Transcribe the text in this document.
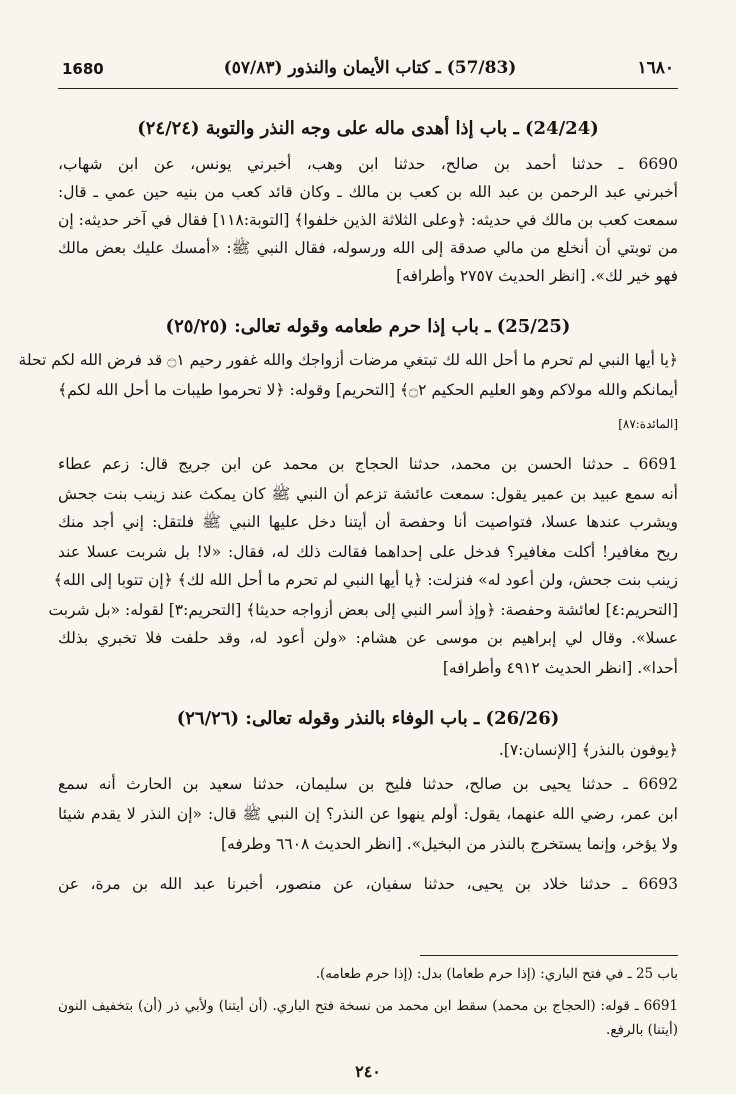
1680	(57/83) ـ كتاب الأيمان والنذور (٥٧/٨٣)	١٦٨٠
(24/24) ـ باب إذا أهدى ماله على وجه النذر والتوبة (٢٤/٢٤)
6690 ـ حدثنا أحمد بن صالح، حدثنا ابن وهب، أخبرني يونس، عن ابن شهاب،
أخبرني عبد الرحمن بن عبد الله بن كعب بن مالك ـ وكان قائد كعب من بنيه حين عمي ـ قال:
سمعت كعب بن مالك في حديثه: ﴿وعلى الثلاثة الذين خلفوا﴾ [التوبة:١١٨] فقال في آخر حديثه: إن
من توبتي أن أنخلع من مالي صدقة إلى الله ورسوله، فقال النبي ﷺ: «أمسك عليك بعض مالك
فهو خير لك». [انظر الحديث ٢٧٥٧ وأطرافه]
(25/25) ـ باب إذا حرم طعامه وقوله تعالى: (٢٥/٢٥)
﴿يا أيها النبي لم تحرم ما أحل الله لك تبتغي مرضات أزواجك والله غفور رحيم ۝١ قد فرض الله لكم تحلة
أيمانكم والله مولاكم وهو العليم الحكيم ۝٢﴾ [التحريم] وقوله: ﴿لا تحرموا طيبات ما أحل الله لكم﴾
[المائدة:٨٧]
6691 ـ حدثنا الحسن بن محمد، حدثنا الحجاج بن محمد عن ابن جريج قال: زعم عطاء
أنه سمع عبيد بن عمير يقول: سمعت عائشة تزعم أن النبي ﷺ كان يمكث عند زينب بنت جحش
ويشرب عندها عسلا، فتواصيت أنا وحفصة أن أيتنا دخل عليها النبي ﷺ فلتقل: إني أجد منك
ريح مغافير! أكلت مغافير؟ فدخل على إحداهما فقالت ذلك له، فقال: «لا! بل شربت عسلا عند
زينب بنت جحش، ولن أعود له» فنزلت: ﴿يا أيها النبي لم تحرم ما أحل الله لك﴾ ﴿إن تتوبا إلى الله﴾
[التحريم:٤] لعائشة وحفصة: ﴿وإذ أسر النبي إلى بعض أزواجه حديثا﴾ [التحريم:٣] لقوله: «بل شربت
عسلا». وقال لي إبراهيم بن موسى عن هشام: «ولن أعود له، وقد حلفت فلا تخبري بذلك
أحدا». [انظر الحديث ٤٩١٢ وأطرافه]
(26/26) ـ باب الوفاء بالنذر وقوله تعالى: (٢٦/٢٦)
﴿يوفون بالنذر﴾ [الإنسان:٧].
6692 ـ حدثنا يحيى بن صالح، حدثنا فليح بن سليمان، حدثنا سعيد بن الحارث أنه سمع
ابن عمر، رضي الله عنهما، يقول: أولم ينهوا عن النذر؟ إن النبي ﷺ قال: «إن النذر لا يقدم شيئا
ولا يؤخر، وإنما يستخرج بالنذر من البخيل». [انظر الحديث ٦٦٠٨ وطرفه]
6693 ـ حدثنا خلاد بن يحيى، حدثنا سفيان، عن منصور، أخبرنا عبد الله بن مرة، عن
باب 25 ـ في فتح الباري: (إذا حرم طعاما) بدل: (إذا حرم طعامه).
6691 ـ قوله: (الحجاج بن محمد) سقط ابن محمد من نسخة فتح الباري. (أن أيتنا) ولأبي ذر (أن) بتخفيف النون
(أيتنا) بالرفع.
٢٤٠
